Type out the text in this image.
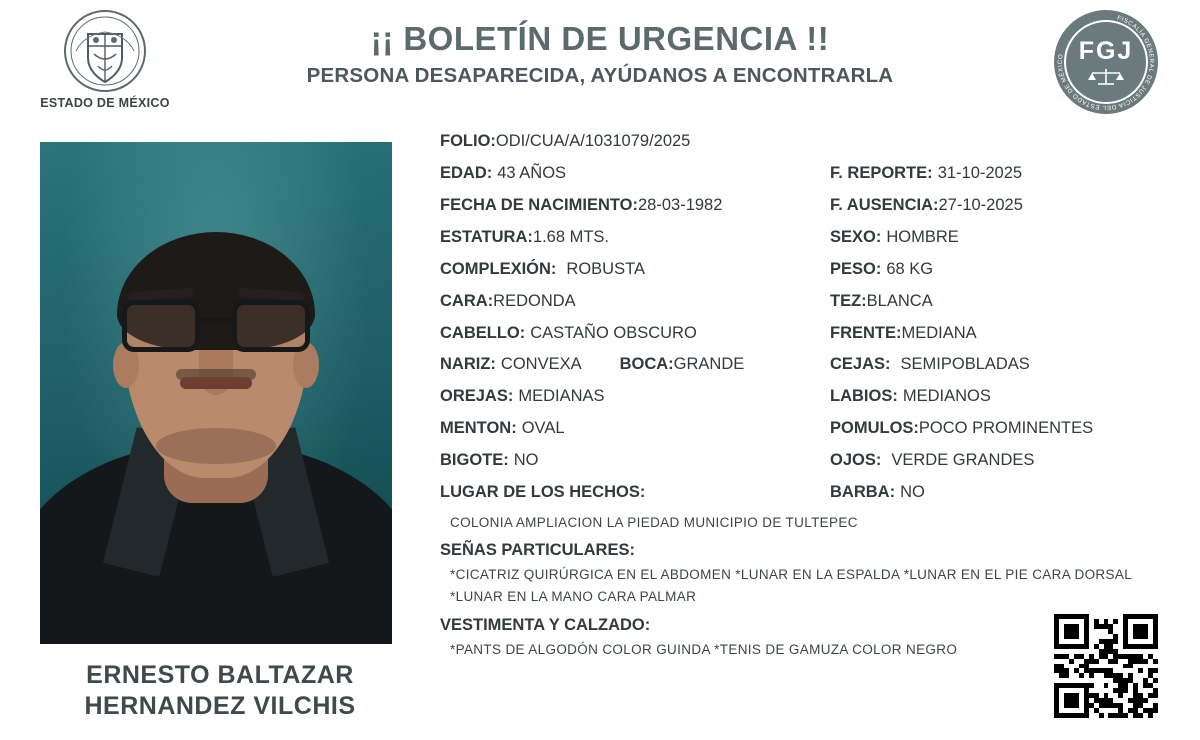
ESTADO DE MÉXICO
¡¡ BOLETÍN DE URGENCIA !!
PERSONA DESAPARECIDA, AYÚDANOS A ENCONTRARLA
FISCALÍA GENERAL DE JUSTICIA DEL ESTADO DE MÉXICO FGJ
ERNESTO BALTAZAR
HERNANDEZ VILCHIS
FOLIO:ODI/CUA/A/1031079/2025
EDAD: 43 AÑOS	F. REPORTE: 31-10-2025
FECHA DE NACIMIENTO:28-03-1982	F. AUSENCIA:27-10-2025
ESTATURA:1.68 MTS.	SEXO: HOMBRE
COMPLEXIÓN: ROBUSTA	PESO: 68 KG
CARA:REDONDA	TEZ:BLANCA
CABELLO: CASTAÑO OBSCURO	FRENTE:MEDIANA
NARIZ: CONVEXA BOCA:GRANDE	CEJAS: SEMIPOBLADAS
OREJAS: MEDIANAS	LABIOS: MEDIANOS
MENTON: OVAL	POMULOS:POCO PROMINENTES
BIGOTE: NO	OJOS: VERDE GRANDES
LUGAR DE LOS HECHOS:	BARBA: NO
COLONIA AMPLIACION LA PIEDAD MUNICIPIO DE TULTEPEC
SEÑAS PARTICULARES:
*CICATRIZ QUIRÚRGICA EN EL ABDOMEN *LUNAR EN LA ESPALDA *LUNAR EN EL PIE CARA DORSAL
*LUNAR EN LA MANO CARA PALMAR
VESTIMENTA Y CALZADO:
*PANTS DE ALGODÓN COLOR GUINDA *TENIS DE GAMUZA COLOR NEGRO
